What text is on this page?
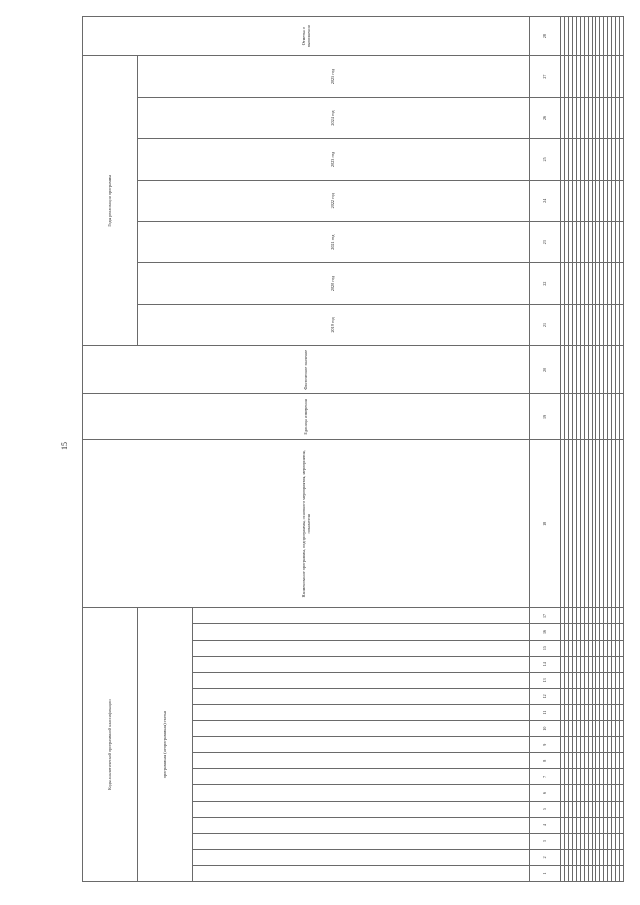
15
Коды аналитической программной классификации																	Наименование программы, подпрограммы, основного мероприятия, мероприятия, показателя	Единица измерения	Фактическое значение	Годы реализации программы							Отметка о выполнении
программная (непрограммная) статья																				2019 год	2020 год	2021 год	2022 год	2023 год	2024 год	2025 год	

1	2	3	4	5	6	7	8	9	10	11	12	13	14	15	16	17	18	19	20	21	22	23	24	25	26	27	28
